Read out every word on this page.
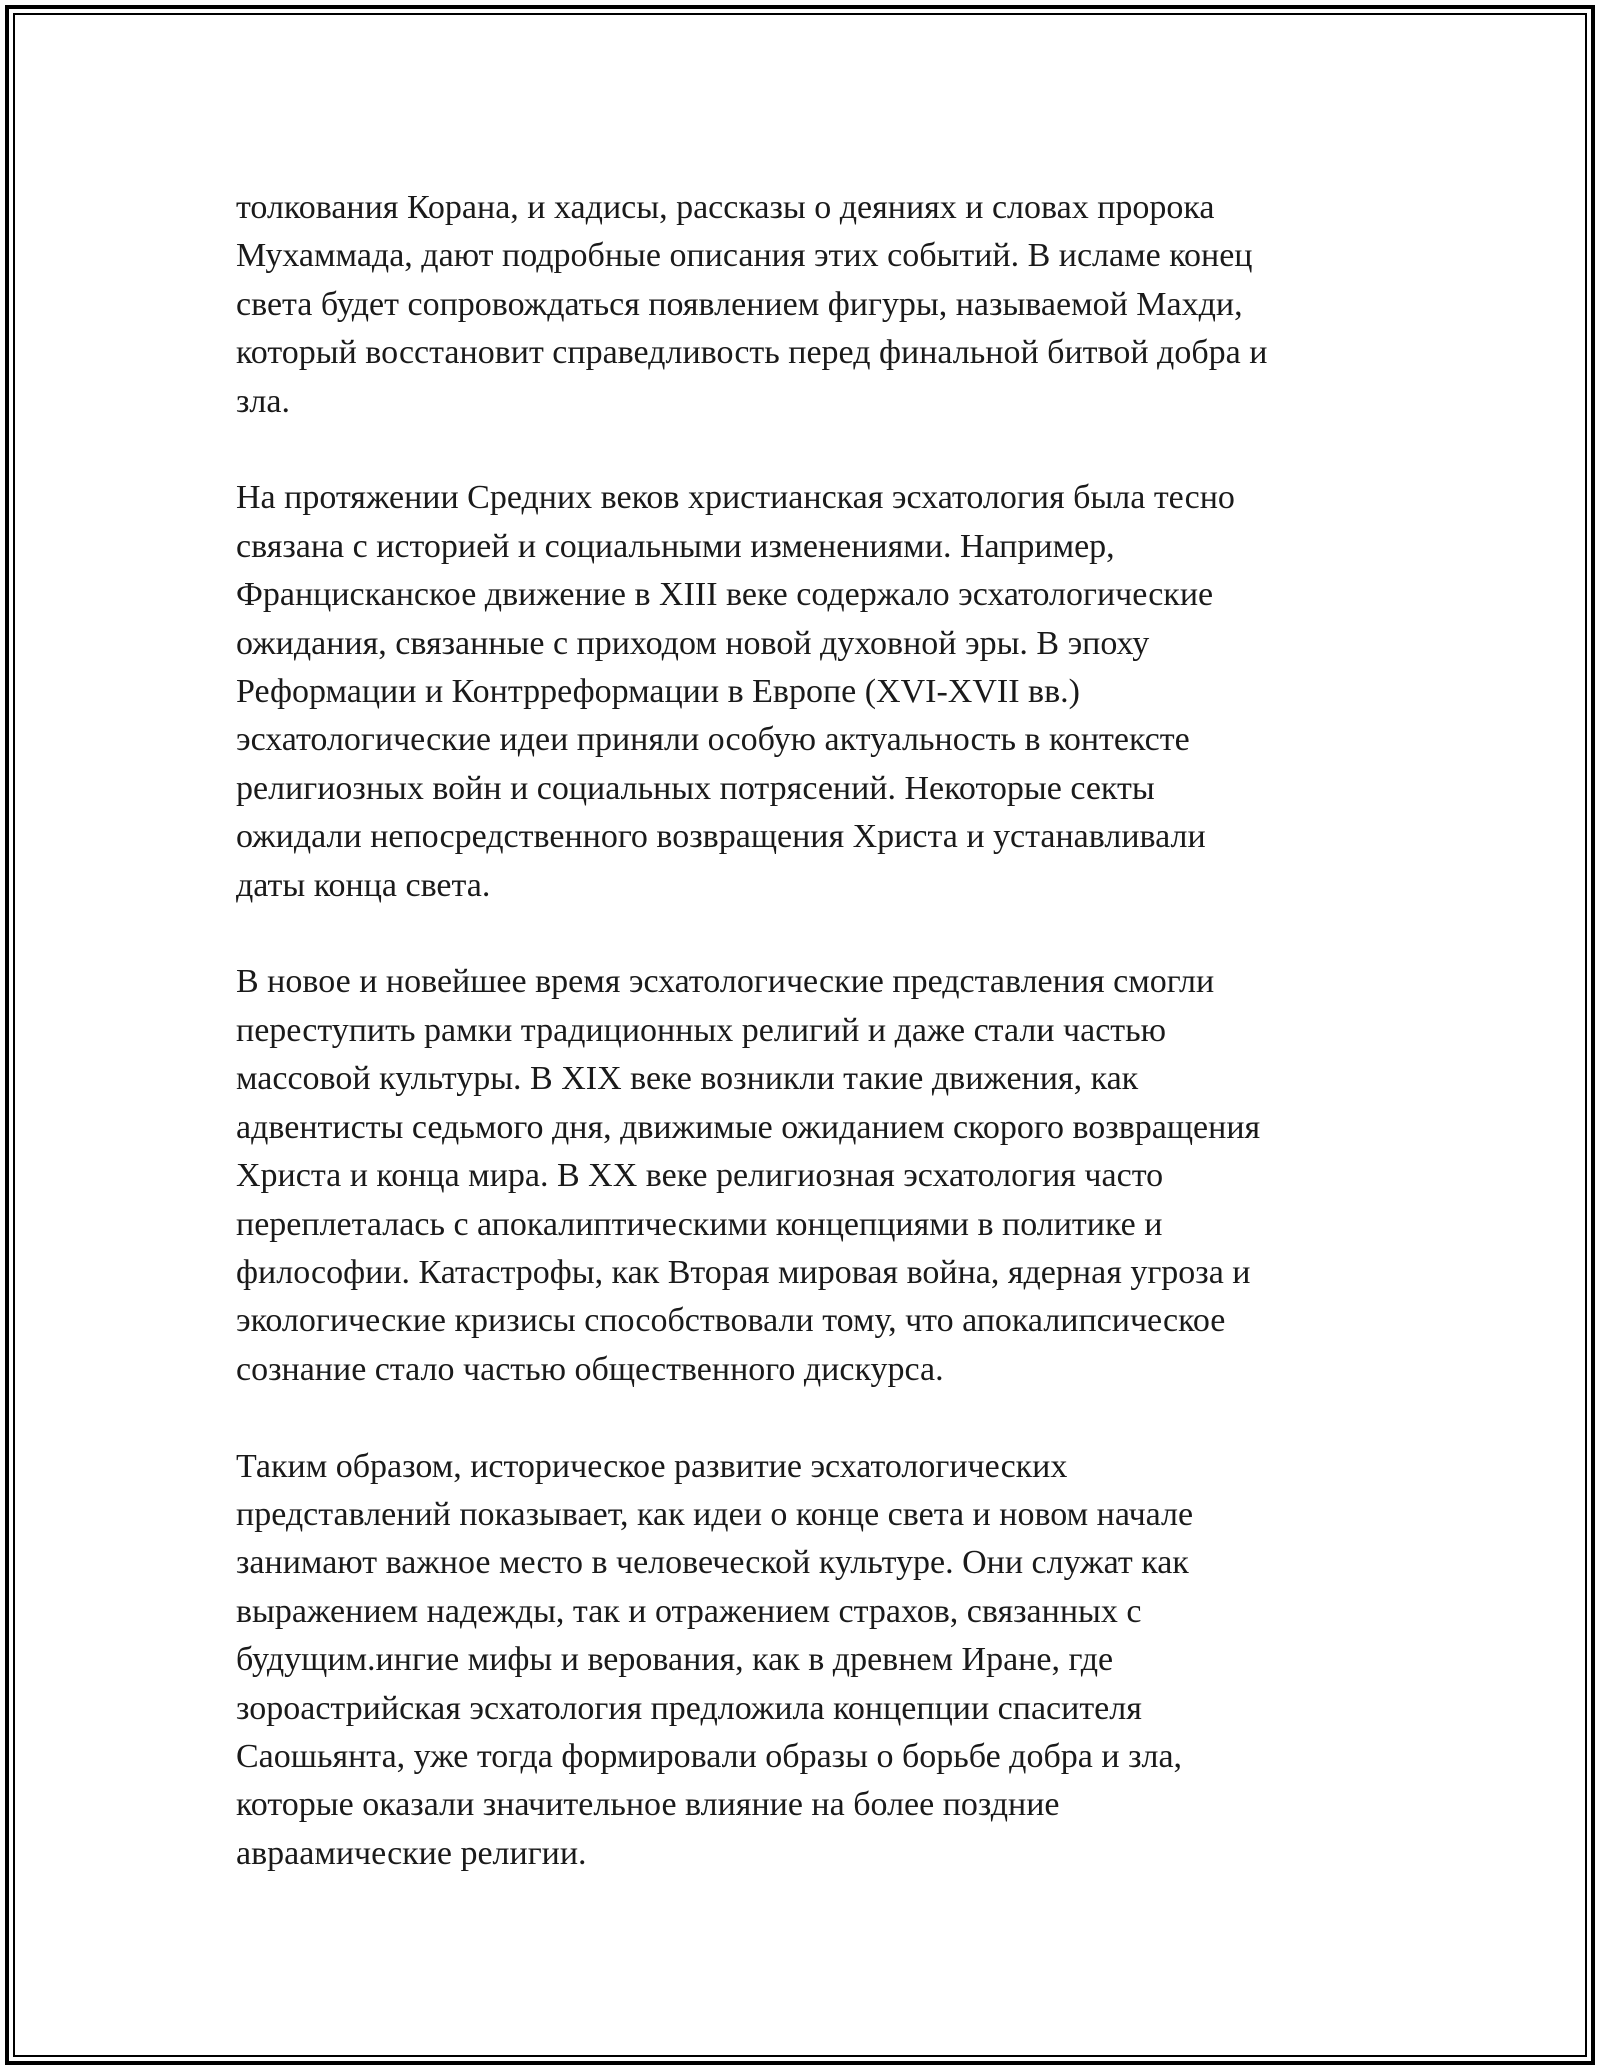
толкования Корана, и хадисы, рассказы о деяниях и словах пророка
Мухаммада, дают подробные описания этих событий. В исламе конец
света будет сопровождаться появлением фигуры, называемой Махди,
который восстановит справедливость перед финальной битвой добра и
зла.

На протяжении Средних веков христианская эсхатология была тесно
связана с историей и социальными изменениями. Например,
Францисканское движение в XIII веке содержало эсхатологические
ожидания, связанные с приходом новой духовной эры. В эпоху
Реформации и Контрреформации в Европе (XVI-XVII вв.)
эсхатологические идеи приняли особую актуальность в контексте
религиозных войн и социальных потрясений. Некоторые секты
ожидали непосредственного возвращения Христа и устанавливали
даты конца света.

В новое и новейшее время эсхатологические представления смогли
переступить рамки традиционных религий и даже стали частью
массовой культуры. В XIX веке возникли такие движения, как
адвентисты седьмого дня, движимые ожиданием скорого возвращения
Христа и конца мира. В XX веке религиозная эсхатология часто
переплеталась с апокалиптическими концепциями в политике и
философии. Катастрофы, как Вторая мировая война, ядерная угроза и
экологические кризисы способствовали тому, что апокалипсическое
сознание стало частью общественного дискурса.

Таким образом, историческое развитие эсхатологических
представлений показывает, как идеи о конце света и новом начале
занимают важное место в человеческой культуре. Они служат как
выражением надежды, так и отражением страхов, связанных с
будущим.ингие мифы и верования, как в древнем Иране, где
зороастрийская эсхатология предложила концепции спасителя
Саошьянта, уже тогда формировали образы о борьбе добра и зла,
которые оказали значительное влияние на более поздние
авраамические религии.
